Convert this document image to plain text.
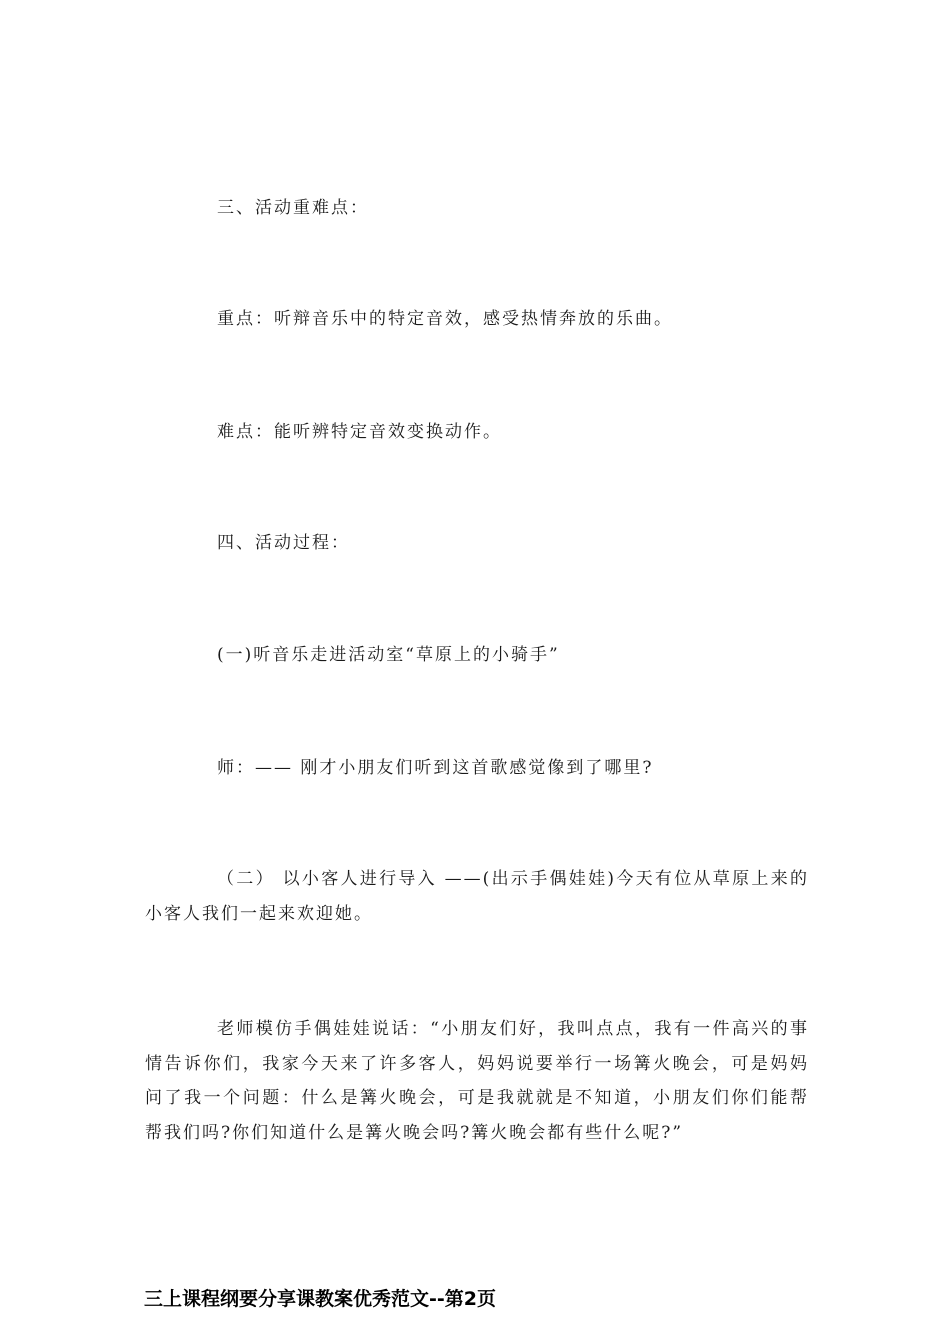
三、活动重难点：
重点：听辩音乐中的特定音效，感受热情奔放的乐曲。
难点：能听辨特定音效变换动作。
四、活动过程：
(一)听音乐走进活动室“草原上的小骑手”
师：—— 刚才小朋友们听到这首歌感觉像到了哪里?
（二） 以小客人进行导入 ——(出示手偶娃娃)今天有位从草原上来的小客人我们一起来欢迎她。
老师模仿手偶娃娃说话：“小朋友们好，我叫点点，我有一件高兴的事情告诉你们，我家今天来了许多客人，妈妈说要举行一场篝火晚会，可是妈妈问了我一个问题：什么是篝火晚会，可是我就就是不知道，小朋友们你们能帮帮我们吗?你们知道什么是篝火晚会吗?篝火晚会都有些什么呢?”
三上课程纲要分享课教案优秀范文--第2页
